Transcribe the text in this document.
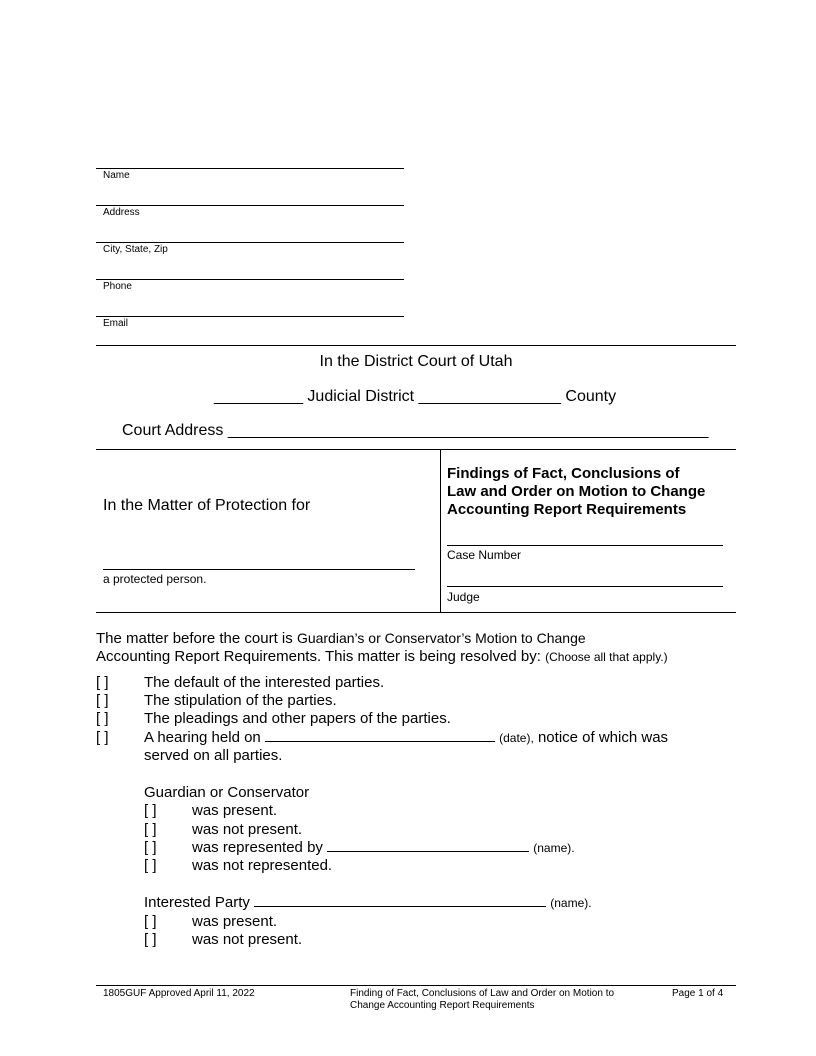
Name
Address
City, State, Zip
Phone
Email
In the District Court of Utah
__________ Judicial District ________________ County
Court Address ______________________________________________________
In the Matter of Protection for
a protected person.
Findings of Fact, Conclusions of
Law and Order on Motion to Change
Accounting Report Requirements
Case Number
Judge
The matter before the court is Guardian’s or Conservator’s Motion to Change
Accounting Report Requirements. This matter is being resolved by: (Choose all that apply.)
[ ] The default of the interested parties.
[ ] The stipulation of the parties.
[ ] The pleadings and other papers of the parties.
[ ] A hearing held on	(date), notice of which was
served on all parties.
Guardian or Conservator
[ ] was present.
[ ] was not present.
[ ] was represented by	(name).
[ ] was not represented.
Interested Party	(name).
[ ] was present.
[ ] was not present.
1805GUF Approved April 11, 2022	Finding of Fact, Conclusions of Law and Order on Motion to
Change Accounting Report Requirements
Page 1 of 4
